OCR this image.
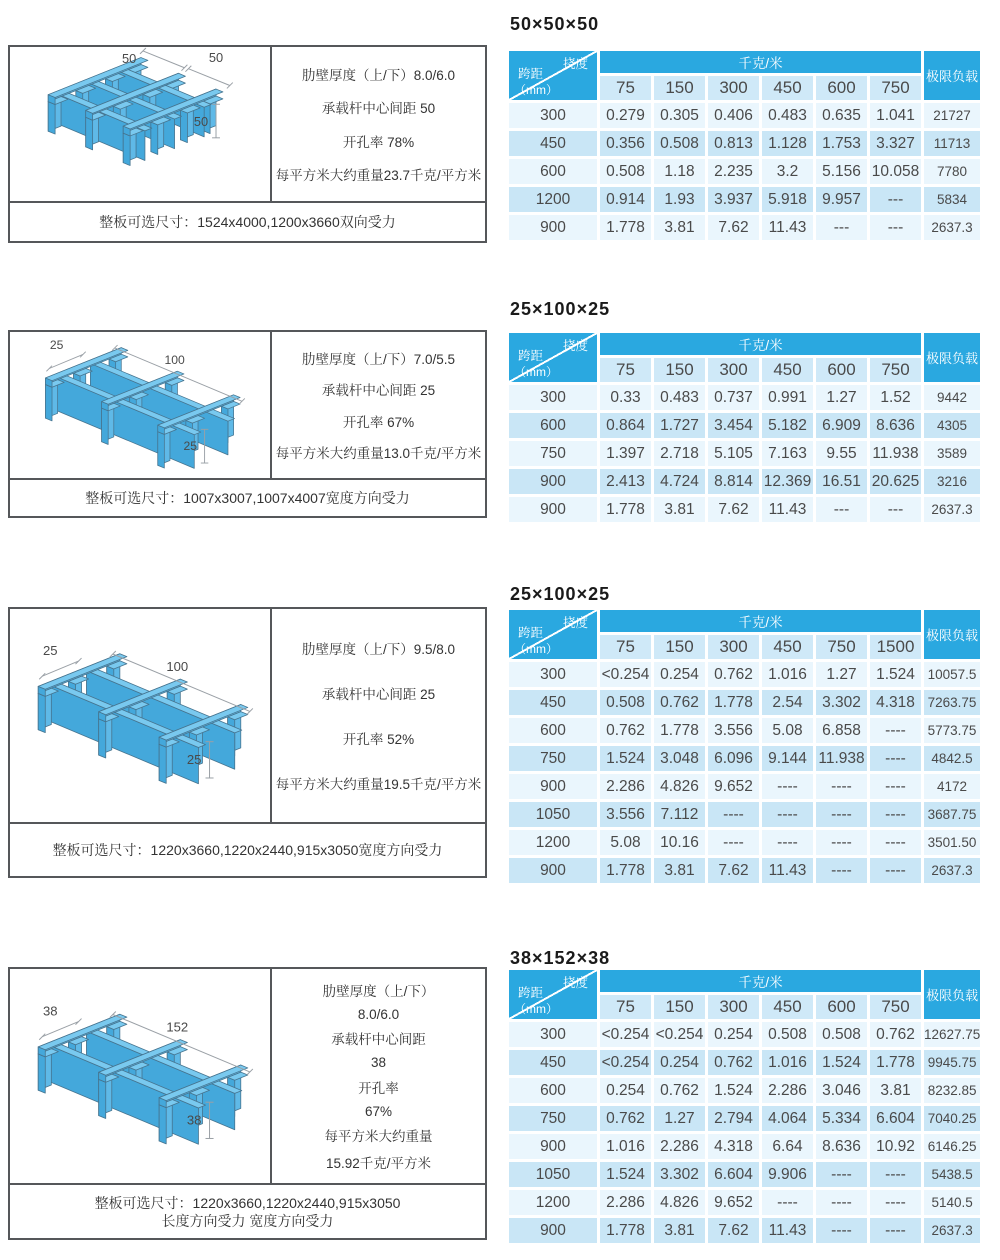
50×50×50
50	50
50
肋壁厚度（上/下）8.0/6.0
承载杆中心间距 50
开孔率 78%
每平方米大约重量23.7千克/平方米
整板可选尺寸：1524x4000,1200x3660双向受力
挠度
跨距
（mm）	千克/米						极限负载
	75	150	300	450	600	750	
300	0.279	0.305	0.406	0.483	0.635	1.041	21727
450	0.356	0.508	0.813	1.128	1.753	3.327	11713
600	0.508	1.18	2.235	3.2	5.156	10.058	7780
1200	0.914	1.93	3.937	5.918	9.957	---	5834
900	1.778	3.81	7.62	11.43	---	---	2637.3
25×100×25
25
100
25
肋壁厚度（上/下）7.0/5.5
承载杆中心间距 25
开孔率 67%
每平方米大约重量13.0千克/平方米
整板可选尺寸：1007x3007,1007x4007宽度方向受力
挠度
跨距
（mm）	千克/米						极限负载
	75	150	300	450	600	750	
300	0.33	0.483	0.737	0.991	1.27	1.52	9442
600	0.864	1.727	3.454	5.182	6.909	8.636	4305
750	1.397	2.718	5.105	7.163	9.55	11.938	3589
900	2.413	4.724	8.814	12.369	16.51	20.625	3216
900	1.778	3.81	7.62	11.43	---	---	2637.3
25×100×25
25
100
25
肋壁厚度（上/下）9.5/8.0
承载杆中心间距 25
开孔率 52%
每平方米大约重量19.5千克/平方米
整板可选尺寸：1220x3660,1220x2440,915x3050宽度方向受力
挠度
跨距
（mm）	千克/米						极限负载
	75	150	300	450	750	1500	
300	<0.254	0.254	0.762	1.016	1.27	1.524	10057.5
450	0.508	0.762	1.778	2.54	3.302	4.318	7263.75
600	0.762	1.778	3.556	5.08	6.858	----	5773.75
750	1.524	3.048	6.096	9.144	11.938	----	4842.5
900	2.286	4.826	9.652	----	----	----	4172
1050	3.556	7.112	----	----	----	----	3687.75
1200	5.08	10.16	----	----	----	----	3501.50
900	1.778	3.81	7.62	11.43	----	----	2637.3
38×152×38
38
152
38
肋壁厚度（上/下）
8.0/6.0
承载杆中心间距
38
开孔率
67%
每平方米大约重量
15.92千克/平方米
整板可选尺寸：1220x3660,1220x2440,915x3050
长度方向受力 宽度方向受力
挠度
跨距
（mm）	千克/米						极限负载
	75	150	300	450	600	750	
300	<0.254	<0.254	0.254	0.508	0.508	0.762	12627.75
450	<0.254	0.254	0.762	1.016	1.524	1.778	9945.75
600	0.254	0.762	1.524	2.286	3.046	3.81	8232.85
750	0.762	1.27	2.794	4.064	5.334	6.604	7040.25
900	1.016	2.286	4.318	6.64	8.636	10.92	6146.25
1050	1.524	3.302	6.604	9.906	----	----	5438.5
1200	2.286	4.826	9.652	----	----	----	5140.5
900	1.778	3.81	7.62	11.43	----	----	2637.3
